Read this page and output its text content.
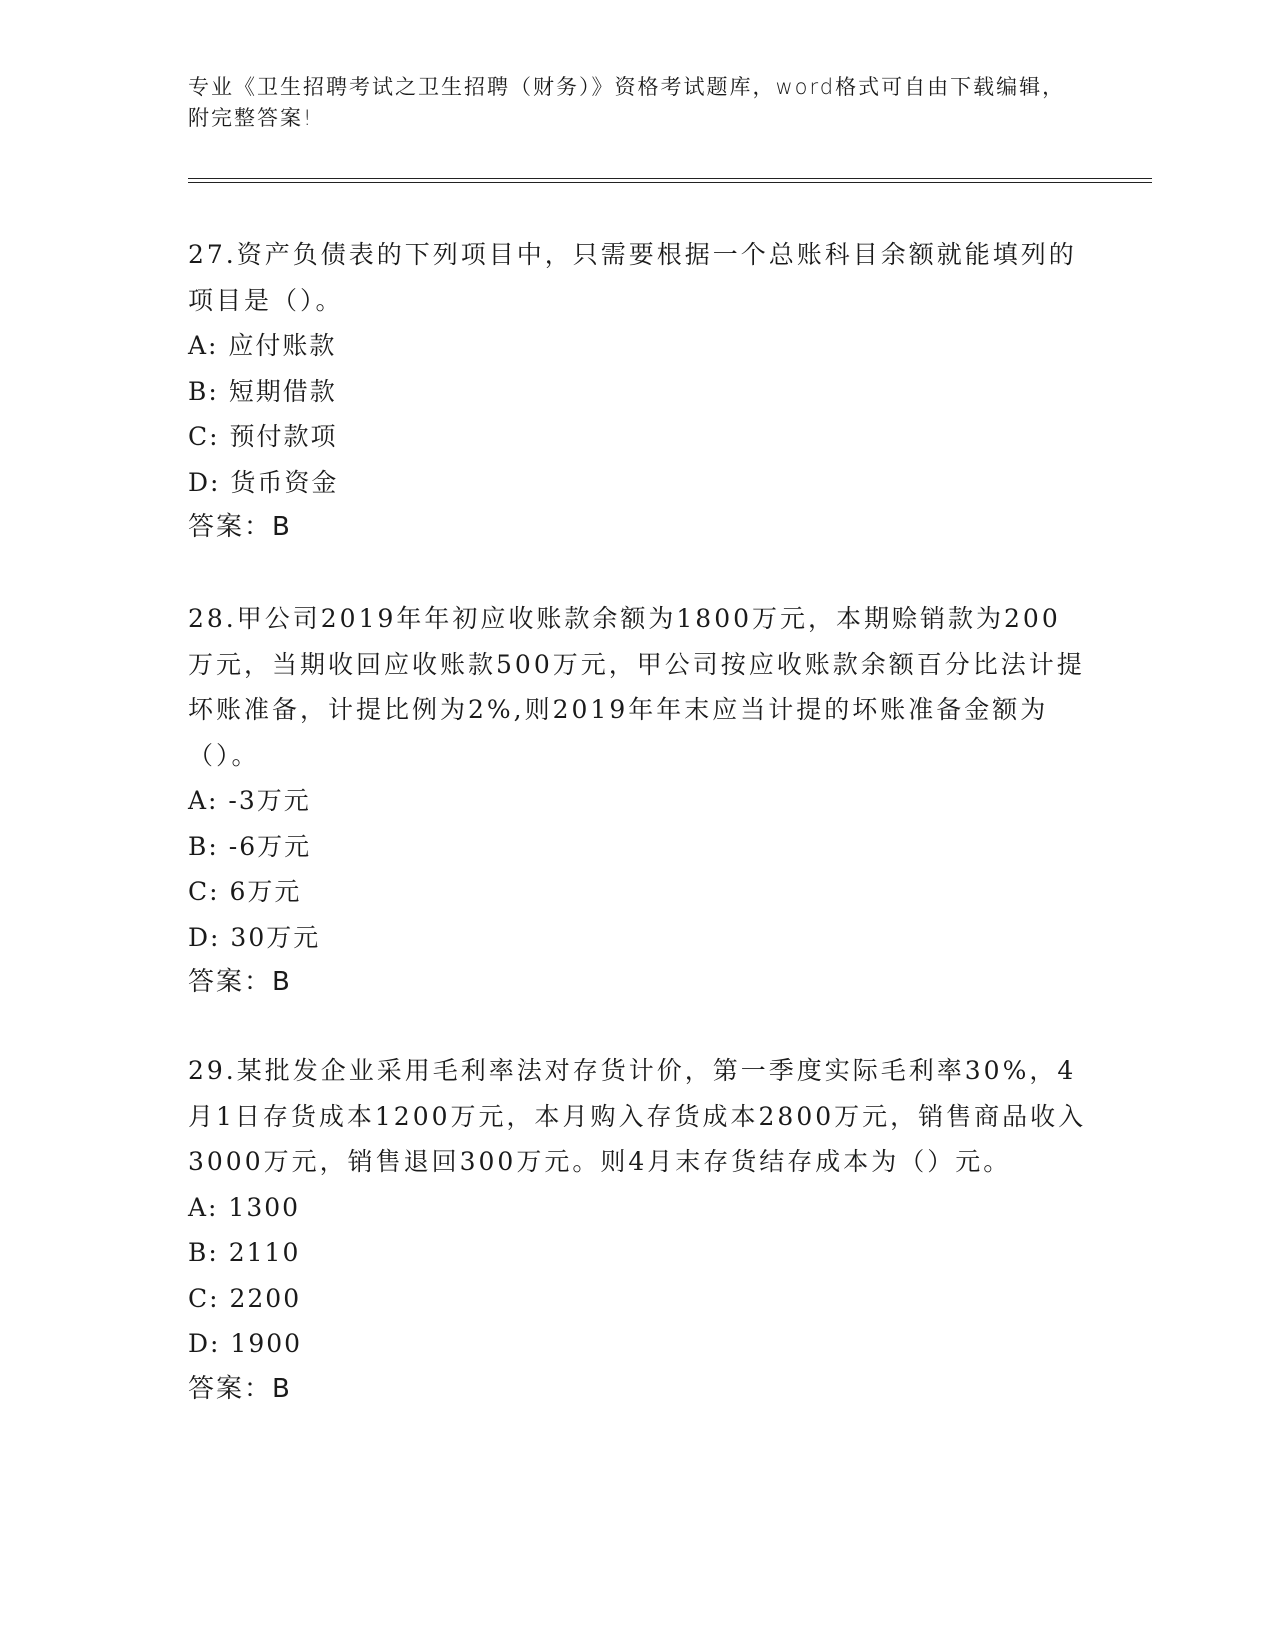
专业《卫生招聘考试之卫生招聘（财务）》资格考试题库，word格式可自由下载编辑，附完整答案!

27.资产负债表的下列项目中，只需要根据一个总账科目余额就能填列的项目是（）。

A: 应付账款

B: 短期借款

C: 预付款项

D: 货币资金

答案：B

28.甲公司2019年年初应收账款余额为1800万元，本期赊销款为200万元，当期收回应收账款500万元，甲公司按应收账款余额百分比法计提坏账准备，计提比例为2%,则2019年年末应当计提的坏账准备金额为（）。

A: -3万元

B: -6万元

C: 6万元

D: 30万元

答案：B

29.某批发企业采用毛利率法对存货计价，第一季度实际毛利率30%，4月1日存货成本1200万元，本月购入存货成本2800万元，销售商品收入3000万元，销售退回300万元。则4月末存货结存成本为（）元。

A: 1300

B: 2110

C: 2200

D: 1900

答案：B
